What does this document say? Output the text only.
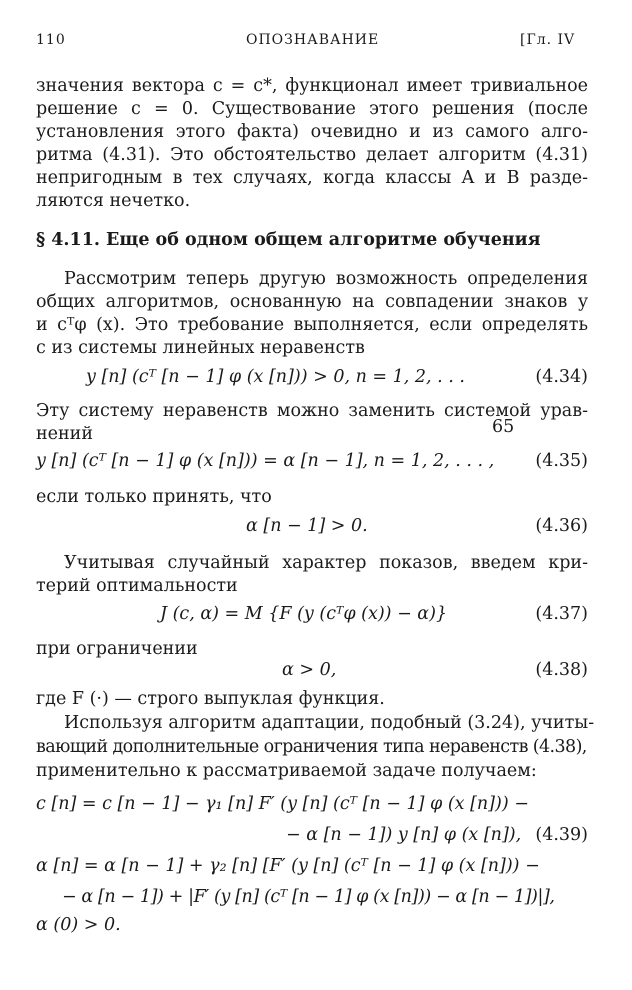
110	ОПОЗНАВАНИЕ	[Гл. IV
значения вектора c = c*, функционал имеет тривиальное
решение c = 0. Существование этого решения (после
установления этого факта) очевидно и из самого алго-
ритма (4.31). Это обстоятельство делает алгоритм (4.31)
непригодным в тех случаях, когда классы A и B разде-
ляются нечетко.
§ 4.11. Еще об одном общем алгоритме обучения
Рассмотрим теперь другую возможность определения
общих алгоритмов, основанную на совпадении знаков y
и cᵀφ (x). Это требование выполняется, если определять
c из системы линейных неравенств
y [n] (cᵀ [n − 1] φ (x [n])) > 0, n = 1, 2, . . .	(4.34)
Эту систему неравенств можно заменить системой урав-
нений	65
y [n] (cᵀ [n − 1] φ (x [n])) = α [n − 1], n = 1, 2, . . . , (4.35)
если только принять, что
α [n − 1] > 0.	(4.36)
Учитывая случайный характер показов, введем кри-
терий оптимальности
J (c, α) = M {F (y (cᵀφ (x)) − α)}	(4.37)
при ограничении
α > 0,	(4.38)
где F (·) — строго выпуклая функция.
Используя алгоритм адаптации, подобный (3.24), учиты-
вающий дополнительные ограничения типа неравенств (4.38),
применительно к рассматриваемой задаче получаем:
c [n] = c [n − 1] − γ₁ [n] F′ (y [n] (cᵀ [n − 1] φ (x [n])) −
− α [n − 1]) y [n] φ (x [n]), (4.39)
α [n] = α [n − 1] + γ₂ [n] [F′ (y [n] (cᵀ [n − 1] φ (x [n])) −
− α [n − 1]) + |F′ (y [n] (cᵀ [n − 1] φ (x [n])) − α [n − 1])|],
α (0) > 0.
